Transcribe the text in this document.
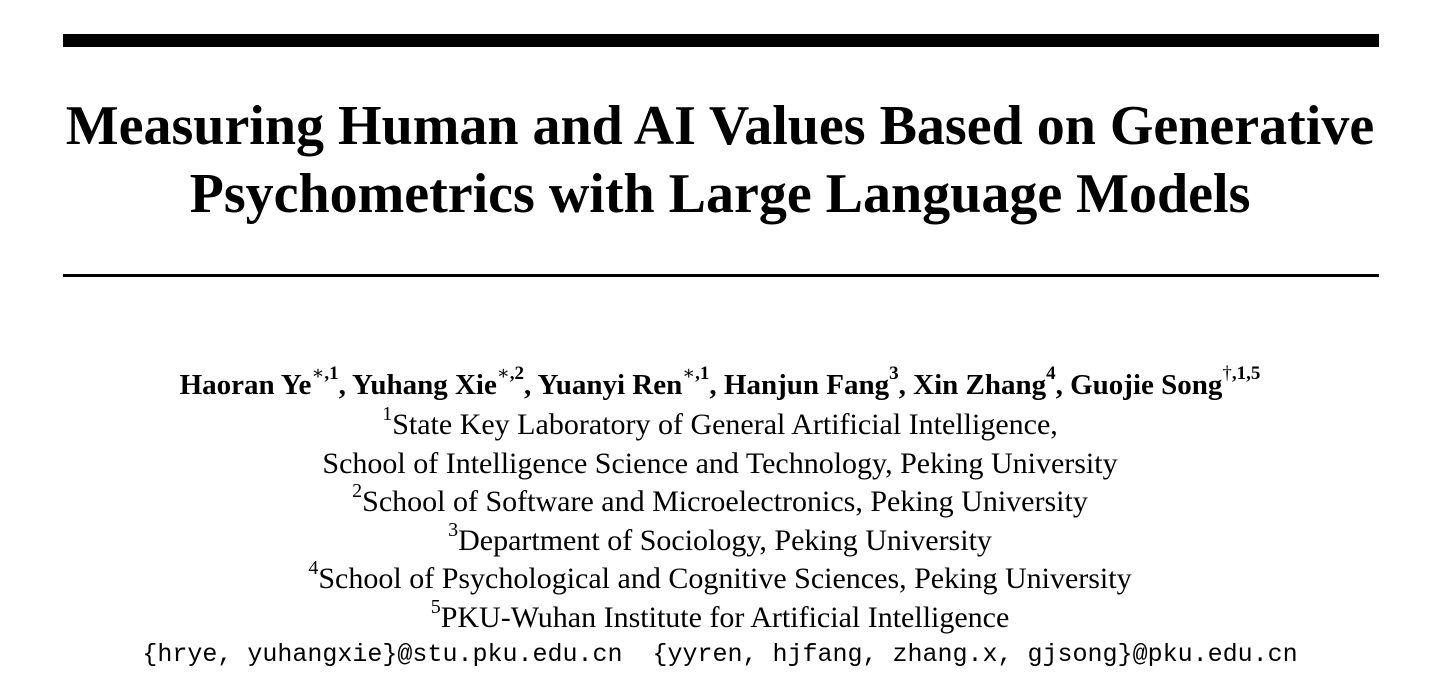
Measuring Human and AI Values Based on Generative
Psychometrics with Large Language Models
Haoran $Ye^{∗,1}$, Yuhang Xie$^{∗,2}$, Yuanyi Ren$^{∗,1}$, Hanjun Fang$^3$, Xin Zhang$^4$, Guojie Song$^{\dagger,1,5}$
$^1$State Key Laboratory of General Artificial Intelligence,
School of Intelligence Science and Technology, Peking University
$^2$School of Software and Microelectronics, Peking University
$^3$Department of Sociology, Peking University
$^4$School of Psychological and Cognitive Sciences, Peking University
$^5$PKU-Wuhan Institute for Artificial Intelligence
{hrye, yuhangxie}@stu.pku.edu.cn {yyren, hjfang, zhang.x, gjsong}@pku.edu.cn
